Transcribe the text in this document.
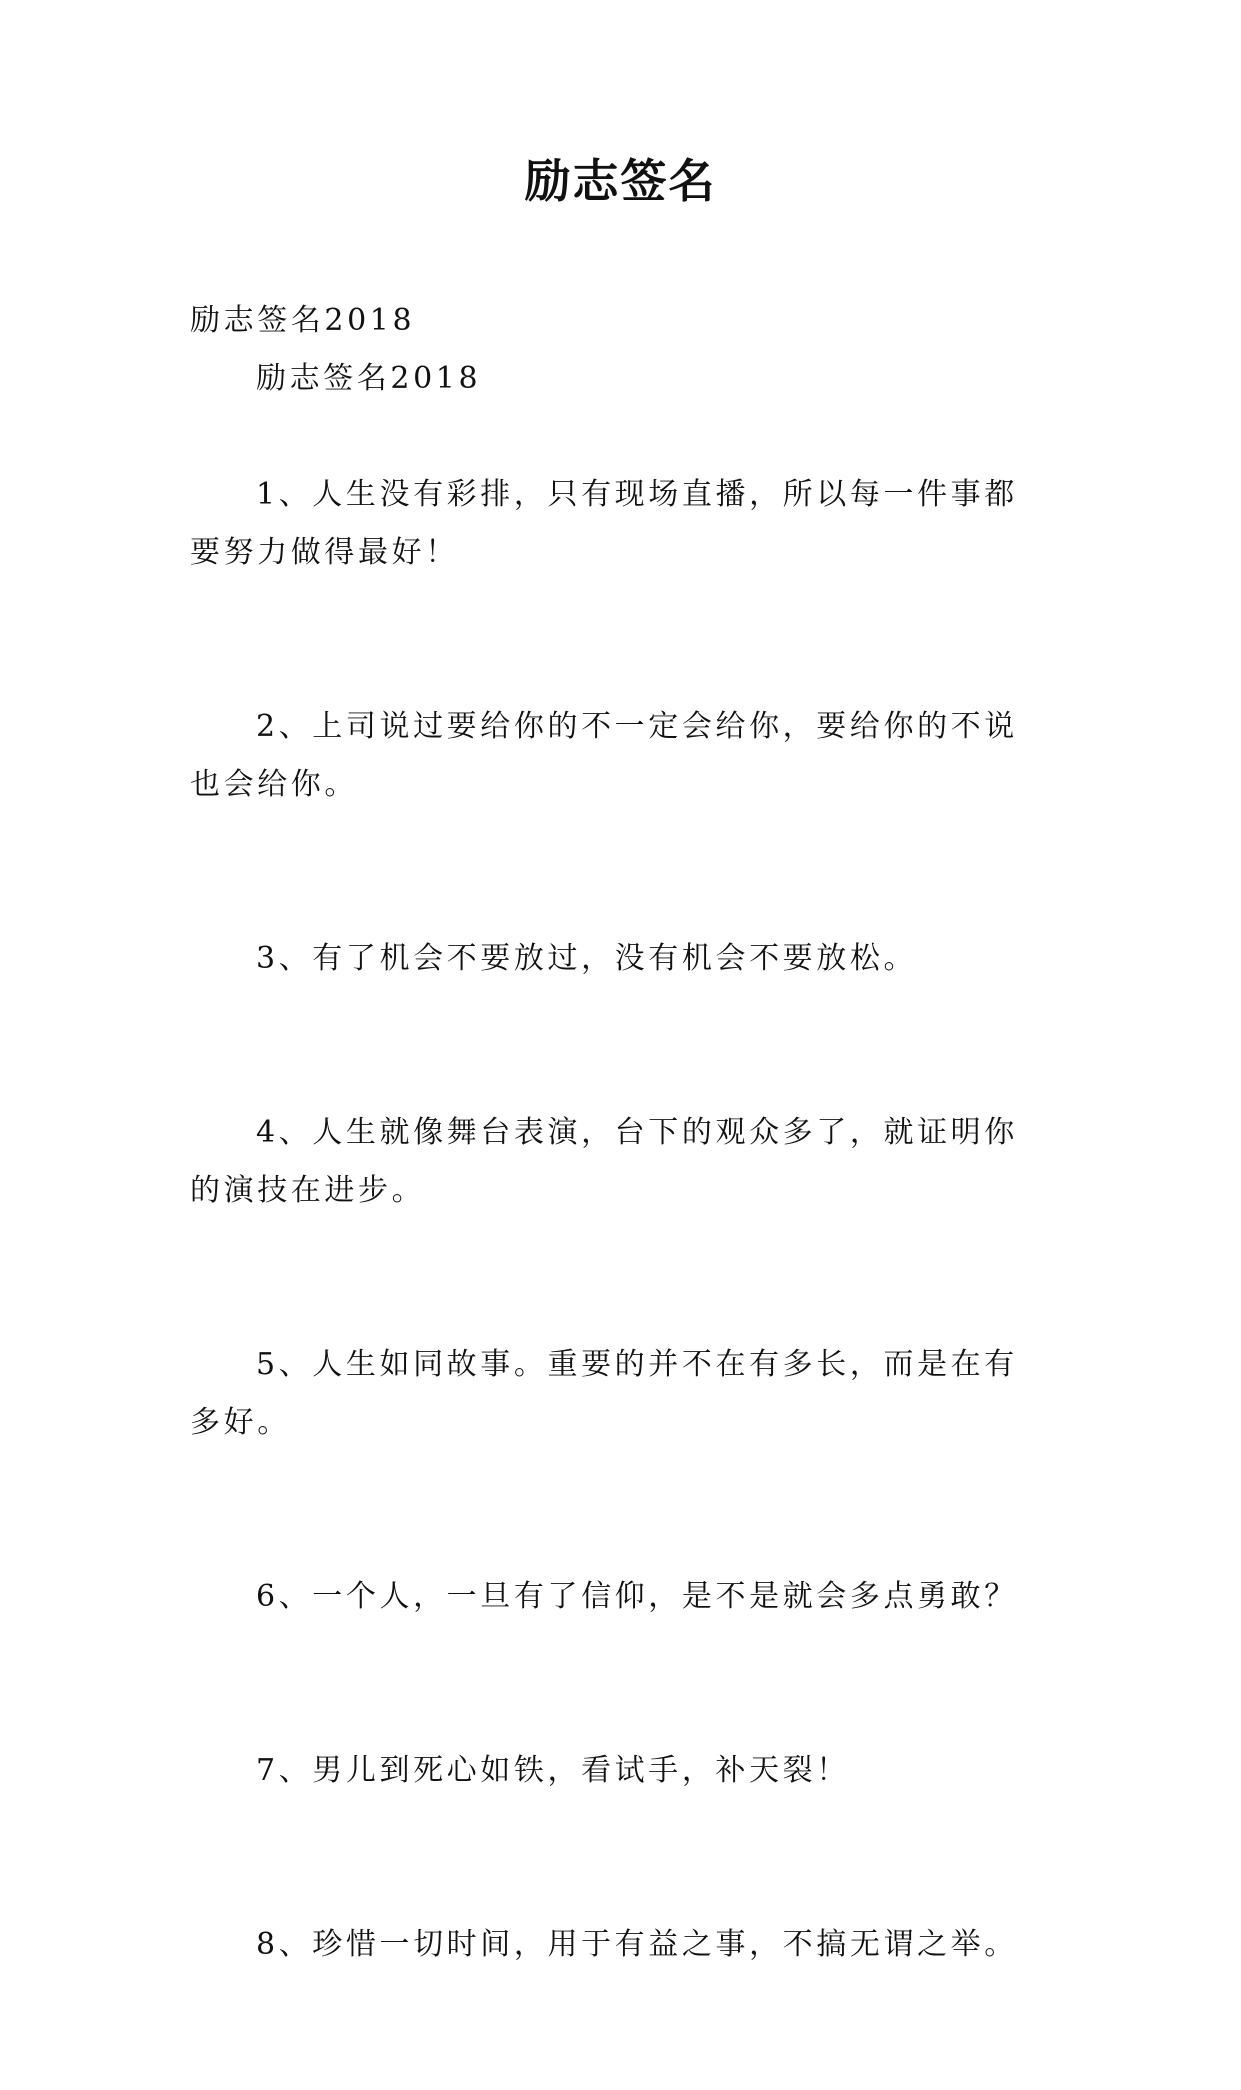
励志签名

励志签名2018

励志签名2018

1、人生没有彩排，只有现场直播，所以每一件事都要努力做得最好！

2、上司说过要给你的不一定会给你，要给你的不说也会给你。

3、有了机会不要放过，没有机会不要放松。

4、人生就像舞台表演，台下的观众多了，就证明你的演技在进步。

5、人生如同故事。重要的并不在有多长，而是在有多好。

6、一个人，一旦有了信仰，是不是就会多点勇敢？

7、男儿到死心如铁，看试手，补天裂！

8、珍惜一切时间，用于有益之事，不搞无谓之举。
